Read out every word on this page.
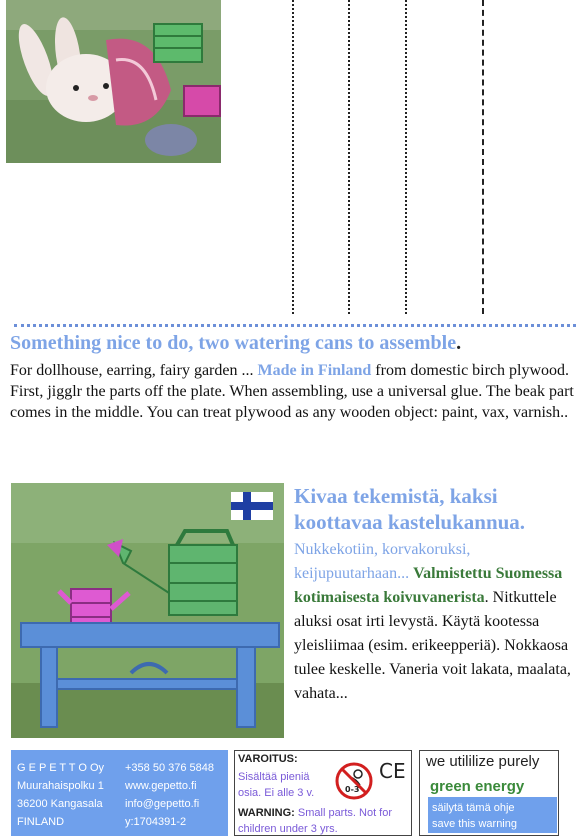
Something nice to do, two watering cans to assemble.
For dollhouse, earring, fairy garden ... Made in Finland from domestic birch plywood. First, jigglr the parts off the plate. When assembling, use a universal glue. The beak part comes in the middle. You can treat plywood as any wooden object: paint, vax, varnish..
Kivaa tekemistä, kaksi koottavaa kastelukannua.
Nukkekotiin, korvakoruksi, keijupuutarhaan... Valmistettu Suomessa kotimaisesta koivuvanerista. Nitkuttele aluksi osat irti levystä. Käytä kootessa yleisliimaa (esim. erikeepperiä). Nokkaosa tulee keskelle. Vaneria voit lakata, maalata, vahata...
G E P E T T O Oy
Muurahaispolku 1
36200 Kangasala
FINLAND
+358 50 376 5848
www.gepetto.fi
info@gepetto.fi
y:1704391-2
VAROITUS:
Sisältää pieniä osia. Ei alle 3 v.	0-3
CE
WARNING: Small parts. Not for children under 3 yrs.
we utililize purely
green energy
säilytä tämä ohje
save this warning
